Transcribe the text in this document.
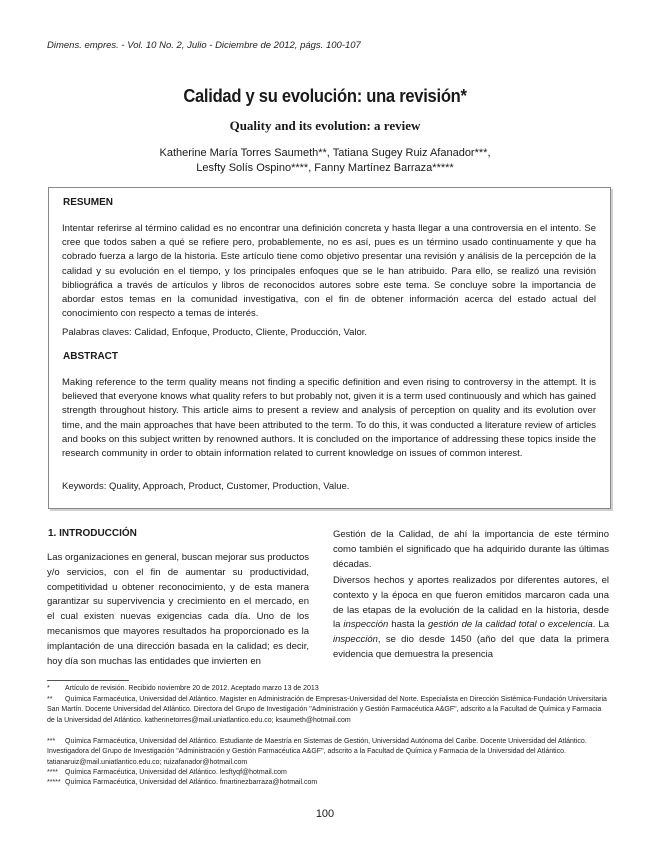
Dimens. empres. - Vol. 10 No. 2, Julio - Diciembre de 2012, págs. 100-107
Calidad y su evolución: una revisión*
Quality and its evolution: a review
Katherine María Torres Saumeth**, Tatiana Sugey Ruiz Afanador***,
Lesfty Solís Ospino****, Fanny Martínez Barraza*****
RESUMEN
Intentar referirse al término calidad es no encontrar una definición concreta y hasta llegar a una controversia en el intento. Se cree que todos saben a qué se refiere pero, probablemente, no es así, pues es un término usado continuamente y que ha cobrado fuerza a largo de la historia. Este artículo tiene como objetivo presentar una revisión y análisis de la percepción de la calidad y su evolución en el tiempo, y los principales enfoques que se le han atribuido. Para ello, se realizó una revisión bibliográfica a través de artículos y libros de reconocidos autores sobre este tema. Se concluye sobre la importancia de abordar estos temas en la comunidad investigativa, con el fin de obtener información acerca del estado actual del conocimiento con respecto a temas de interés.
Palabras claves: Calidad, Enfoque, Producto, Cliente, Producción, Valor.
ABSTRACT
Making reference to the term quality means not finding a specific definition and even rising to controversy in the attempt. It is believed that everyone knows what quality refers to but probably not, given it is a term used continuously and which has gained strength throughout history. This article aims to present a review and analysis of perception on quality and its evolution over time, and the main approaches that have been attributed to the term. To do this, it was conducted a literature review of articles and books on this subject written by renowned authors. It is concluded on the importance of addressing these topics inside the research community in order to obtain information related to current knowledge on issues of common interest.
Keywords: Quality, Approach, Product, Customer, Production, Value.
1. INTRODUCCIÓN
Las organizaciones en general, buscan mejorar sus productos y/o servicios, con el fin de aumentar su productividad, competitividad u obtener reconocimiento, y de esta manera garantizar su supervivencia y crecimiento en el mercado, en el cual existen nuevas exigencias cada día. Uno de los mecanismos que mayores resultados ha proporcionado es la implantación de una dirección basada en la calidad; es decir, hoy día son muchas las entidades que invierten en
Gestión de la Calidad, de ahí la importancia de este término como también el significado que ha adquirido durante las últimas décadas.
Diversos hechos y aportes realizados por diferentes autores, el contexto y la época en que fueron emitidos marcaron cada una de las etapas de la evolución de la calidad en la historia, desde la inspección hasta la gestión de la calidad total o excelencia. La inspección, se dio desde 1450 (año del que data la primera evidencia que demuestra la presencia
* Artículo de revisión. Recibido noviembre 20 de 2012. Aceptado marzo 13 de 2013
** Química Farmacéutica, Universidad del Atlántico. Magister en Administración de Empresas-Universidad del Norte. Especialista en Dirección Sistémica-Fundación Universitaria San Martín. Docente Universidad del Atlántico. Directora del Grupo de Investigación "Administración y Gestión Farmacéutica A&GF", adscrito a la Facultad de Química y Farmacia de la Universidad del Atlántico. katherinetorres@mail.uniatlantico.edu.co; ksaumeth@hotmail.com
*** Química Farmacéutica, Universidad del Atlántico. Estudiante de Maestría en Sistemas de Gestión, Universidad Autónoma del Caribe. Docente Universidad del Atlántico. Investigadora del Grupo de Investigación "Administración y Gestión Farmacéutica A&GF", adscrito a la Facultad de Química y Farmacia de la Universidad del Atlántico. tatianaruiz@mail.uniatlantico.edu.co; ruizafanador@hotmail.com
**** Química Farmacéutica, Universidad del Atlántico. lesftyqf@hotmail.com
***** Química Farmacéutica, Universidad del Atlántico. fmartinezbarraza@hotmail.com
100
